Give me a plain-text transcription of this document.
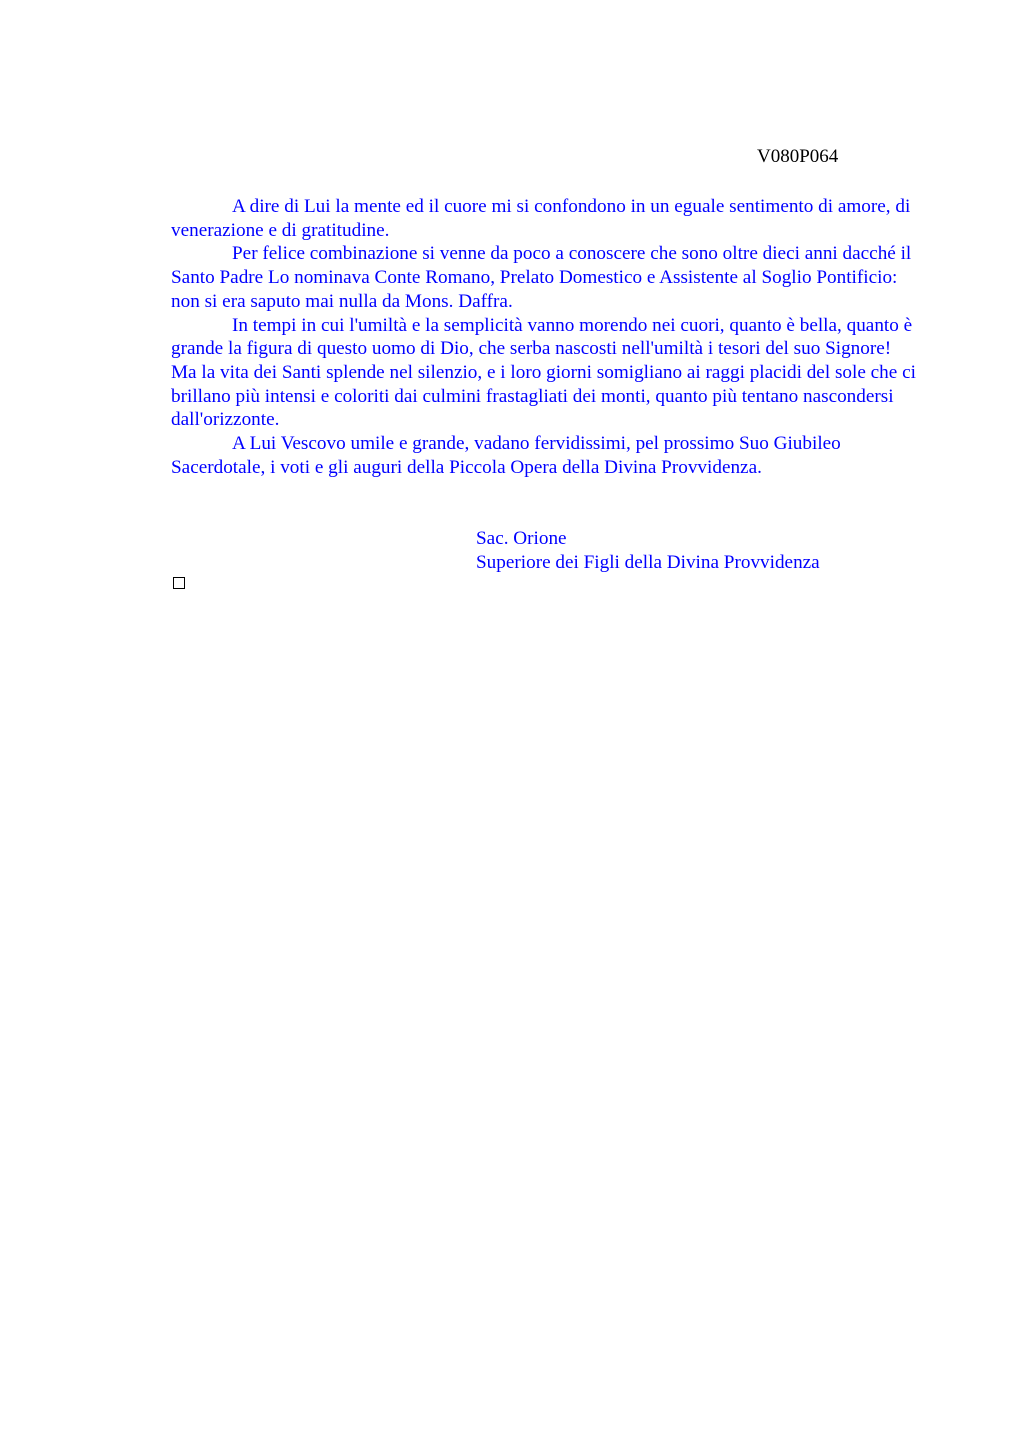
V080P064

A dire di Lui la mente ed il cuore mi si confondono in un eguale sentimento di amore, di venerazione e di gratitudine.

Per felice combinazione si venne da poco a conoscere che sono oltre dieci anni dacché il Santo Padre Lo nominava Conte Romano, Prelato Domestico e Assistente al Soglio Pontificio: non si era saputo mai nulla da Mons. Daffra.

In tempi in cui l'umiltà e la semplicità vanno morendo nei cuori, quanto è bella, quanto è grande la figura di questo uomo di Dio, che serba nascosti nell'umiltà i tesori del suo Signore! Ma la vita dei Santi splende nel silenzio, e i loro giorni somigliano ai raggi placidi del sole che ci brillano più intensi e coloriti dai culmini frastagliati dei monti, quanto più tentano nascondersi dall'orizzonte.

A Lui Vescovo umile e grande, vadano fervidissimi, pel prossimo Suo Giubileo Sacerdotale, i voti e gli auguri della Piccola Opera della Divina Provvidenza.

Sac. Orione
Superiore dei Figli della Divina Provvidenza
